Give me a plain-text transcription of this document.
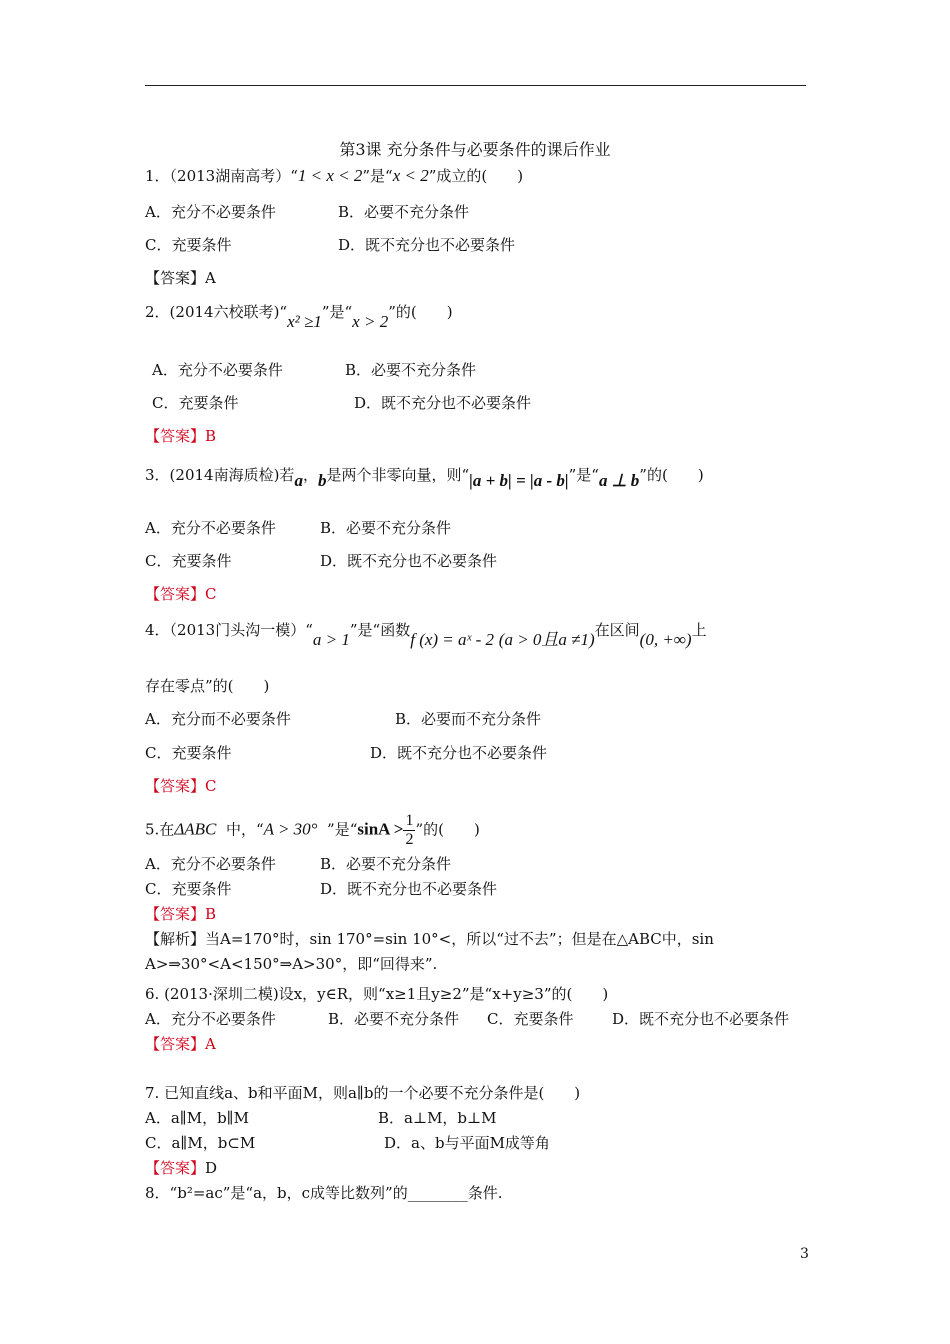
第3课 充分条件与必要条件的课后作业
1．（2013湖南高考）“1 < x < 2”是“x < 2”成立的(　　)
A．充分不必要条件	B．必要不充分条件
C．充要条件	D．既不充分也不必要条件
【答案】A
2．(2014六校联考)“x² ≥1”是“x > 2”的(　　)
A．充分不必要条件	B．必要不充分条件
C．充要条件	D．既不充分也不必要条件
【答案】B
3．(2014南海质检)若a，b是两个非零向量，则“|a + b| = |a - b|”是“a ⊥ b”的(　　)
A．充分不必要条件	B．必要不充分条件
C．充要条件	D．既不充分也不必要条件
【答案】C
4．（2013门头沟一模）“a > 1”是“函数f (x) = aˣ - 2 (a > 0且a ≠1)在区间(0, +∞)上
存在零点”的(　　)
A．充分而不必要条件	B．必要而不充分条件
C．充要条件	D．既不充分也不必要条件
【答案】C
5.在ΔABC 中，“A > 30° ”是“$\sin A > \frac{1}{2}$ ”的(　　)
A．充分不必要条件	B．必要不充分条件
C．充要条件	D．既不充分也不必要条件
【答案】B
【解析】当A=170°时，sin 170°=sin 10°<，所以“过不去”；但是在△ABC中，sin
A>⇒30°<A<150°⇒A>30°，即“回得来”.
6. (2013·深圳二模)设x，y∈R，则“x≥1且y≥2”是“x+y≥3”的(　　)
A．充分不必要条件	B．必要不充分条件 C．充要条件	D．既不充分也不必要条件
【答案】A
7. 已知直线a、b和平面M，则a∥b的一个必要不充分条件是(　　)
A．a∥M，b∥M	B．a⊥M，b⊥M
C．a∥M，b⊂M	D．a、b与平面M成等角
【答案】D
8．“b²=ac”是“a，b，c成等比数列”的________条件.
3
